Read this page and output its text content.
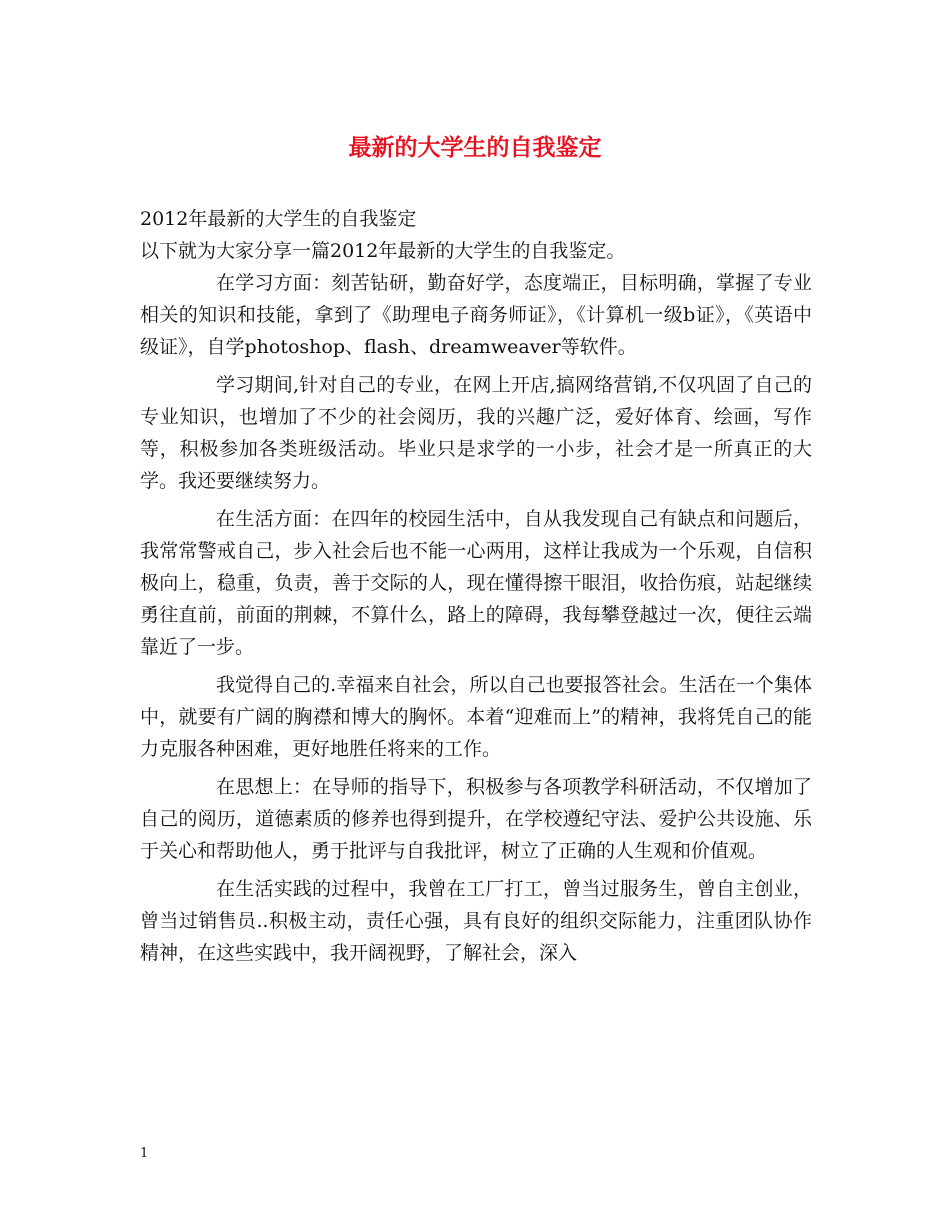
最新的大学生的自我鉴定

2012年最新的大学生的自我鉴定

以下就为大家分享一篇2012年最新的大学生的自我鉴定。

在学习方面：刻苦钻研，勤奋好学，态度端正，目标明确，掌握了专业相关的知识和技能，拿到了《助理电子商务师证》，《计算机一级b证》，《英语中级证》，自学photoshop、flash、dreamweaver等软件。

学习期间,针对自己的专业，在网上开店,搞网络营销,不仅巩固了自己的专业知识，也增加了不少的社会阅历，我的兴趣广泛，爱好体育、绘画，写作等，积极参加各类班级活动。毕业只是求学的一小步，社会才是一所真正的大学。我还要继续努力。

在生活方面：在四年的校园生活中，自从我发现自己有缺点和问题后，我常常警戒自己，步入社会后也不能一心两用，这样让我成为一个乐观，自信积极向上，稳重，负责，善于交际的人，现在懂得擦干眼泪，收拾伤痕，站起继续勇往直前，前面的荆棘，不算什么，路上的障碍，我每攀登越过一次，便往云端靠近了一步。

我觉得自己的.幸福来自社会，所以自己也要报答社会。生活在一个集体中，就要有广阔的胸襟和博大的胸怀。本着“迎难而上”的精神，我将凭自己的能力克服各种困难，更好地胜任将来的工作。

在思想上：在导师的指导下，积极参与各项教学科研活动，不仅增加了自己的阅历，道德素质的修养也得到提升，在学校遵纪守法、爱护公共设施、乐于关心和帮助他人，勇于批评与自我批评，树立了正确的人生观和价值观。

在生活实践的过程中，我曾在工厂打工，曾当过服务生，曾自主创业，曾当过销售员..积极主动，责任心强，具有良好的组织交际能力，注重团队协作精神，在这些实践中，我开阔视野，了解社会，深入

1
